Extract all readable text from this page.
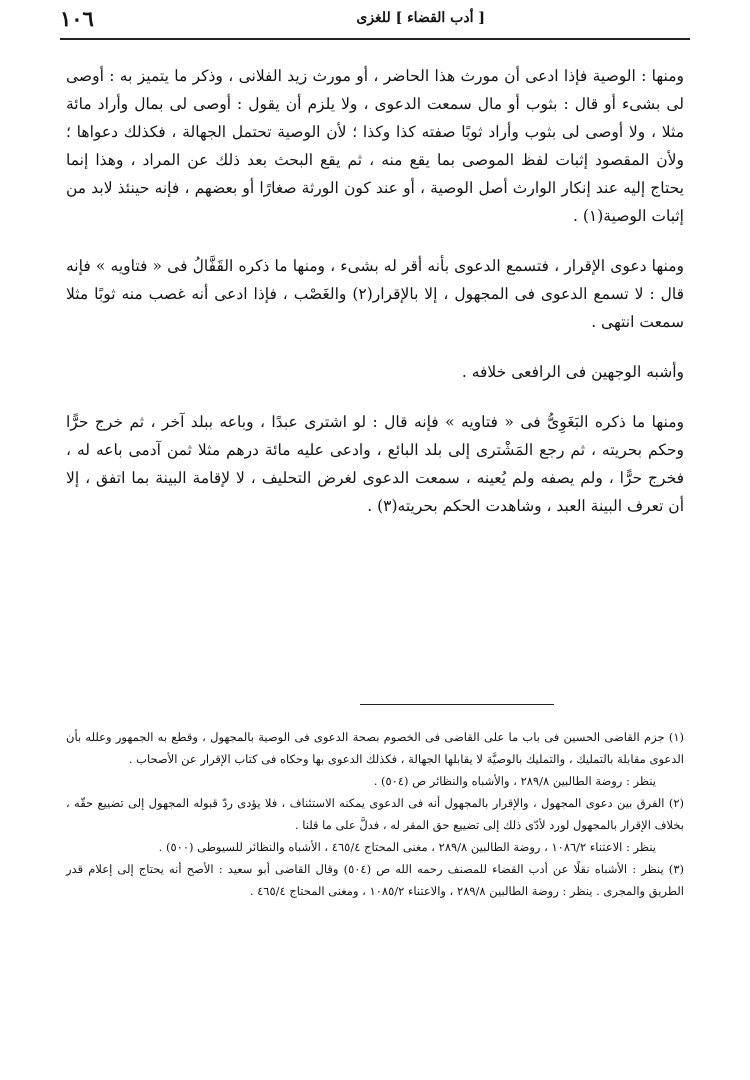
١٠٦	[ أدب القضاء ] للغزى

ومنها : الوصية فإذا ادعى أن مورث هذا الحاضر ، أو مورث زيد الفلانى ، وذكر ما يتميز به : أوصى لى بشىء أو قال : بثوب أو مال سمعت الدعوى ، ولا يلزم أن يقول : أوصى لى بمال وأراد مائة مثلا ، ولا أوصى لى بثوب وأراد ثوبًا صفته كذا وكذا ؛ لأن الوصية تحتمل الجهالة ، فكذلك دعواها ؛ ولأن المقصود إثبات لفظ الموصى بما يقع منه ، ثم يقع البحث بعد ذلك عن المراد ، وهذا إنما يحتاج إليه عند إنكار الوارث أصل الوصية ، أو عند كون الورثة صغارًا أو بعضهم ، فإنه حينئذ لابد من إثبات الوصية(١) .

ومنها دعوى الإقرار ، فتسمع الدعوى بأنه أقر له بشىء ، ومنها ما ذكره القَفَّالُ فى « فتاويه » فإنه قال : لا تسمع الدعوى فى المجهول ، إلا بالإقرار(٢) والغَصْب ، فإذا ادعى أنه غصب منه ثوبًا مثلا سمعت انتهى .

وأشبه الوجهين فى الرافعى خلافه .

ومنها ما ذكره البَغَوِىُّ فى « فتاويه » فإنه قال : لو اشترى عبدًا ، وباعه ببلد آخر ، ثم خرج حرًّا وحكم بحريته ، ثم رجع المَشْترى إلى بلد البائع ، وادعى عليه مائة درهم مثلا ثمن آدمى باعه له ، فخرج حرًّا ، ولم يصفه ولم يُعينه ، سمعت الدعوى لغرض التحليف ، لا لإقامة البينة بما اتفق ، إلا أن تعرف البينة العبد ، وشاهدت الحكم بحريته(٣) .

(١) جزم القاضى الحسين فى باب ما على القاضى فى الخصوم بصحة الدعوى فى الوصية بالمجهول ، وقطع به الجمهور وعلله بأن الدعوى مقابلة بالتمليك ، والتمليك بالوصيَّة لا يقابلها الجهالة ، فكذلك الدعوى بها وحكاه فى كتاب الإقرار عن الأصحاب .

ينظر : روضة الطالبين ٢٨٩/٨ ، والأشباه والنظائر ص (٥٠٤) .

(٢) الفرق بين دعوى المجهول ، والإقرار بالمجهول أنه فى الدعوى يمكنه الاستئناف ، فلا يؤدى ردّ قبوله المجهول إلى تضييع حقّه ، بخلاف الإقرار بالمجهول لورد لأدّى ذلك إلى تضييع حق المقر له ، فدلَّ على ما قلنا .

ينظر : الاعتناء ١٠٨٦/٢ ، روضة الطالبين ٢٨٩/٨ ، مغنى المحتاج ٤٦٥/٤ ، الأشباه والنظائر للسيوطى (٥٠٠) .

(٣) ينظر : الأشباه نقلًا عن أدب القضاء للمصنف رحمه الله ص (٥٠٤) وقال القاضى أبو سعيد : الأصح أنه يحتاج إلى إعلام قدر الطريق والمجرى . ينظر : روضة الطالبين ٢٨٩/٨ ، والاعتناء ١٠٨٥/٢ ، ومغنى المحتاج ٤٦٥/٤ .
